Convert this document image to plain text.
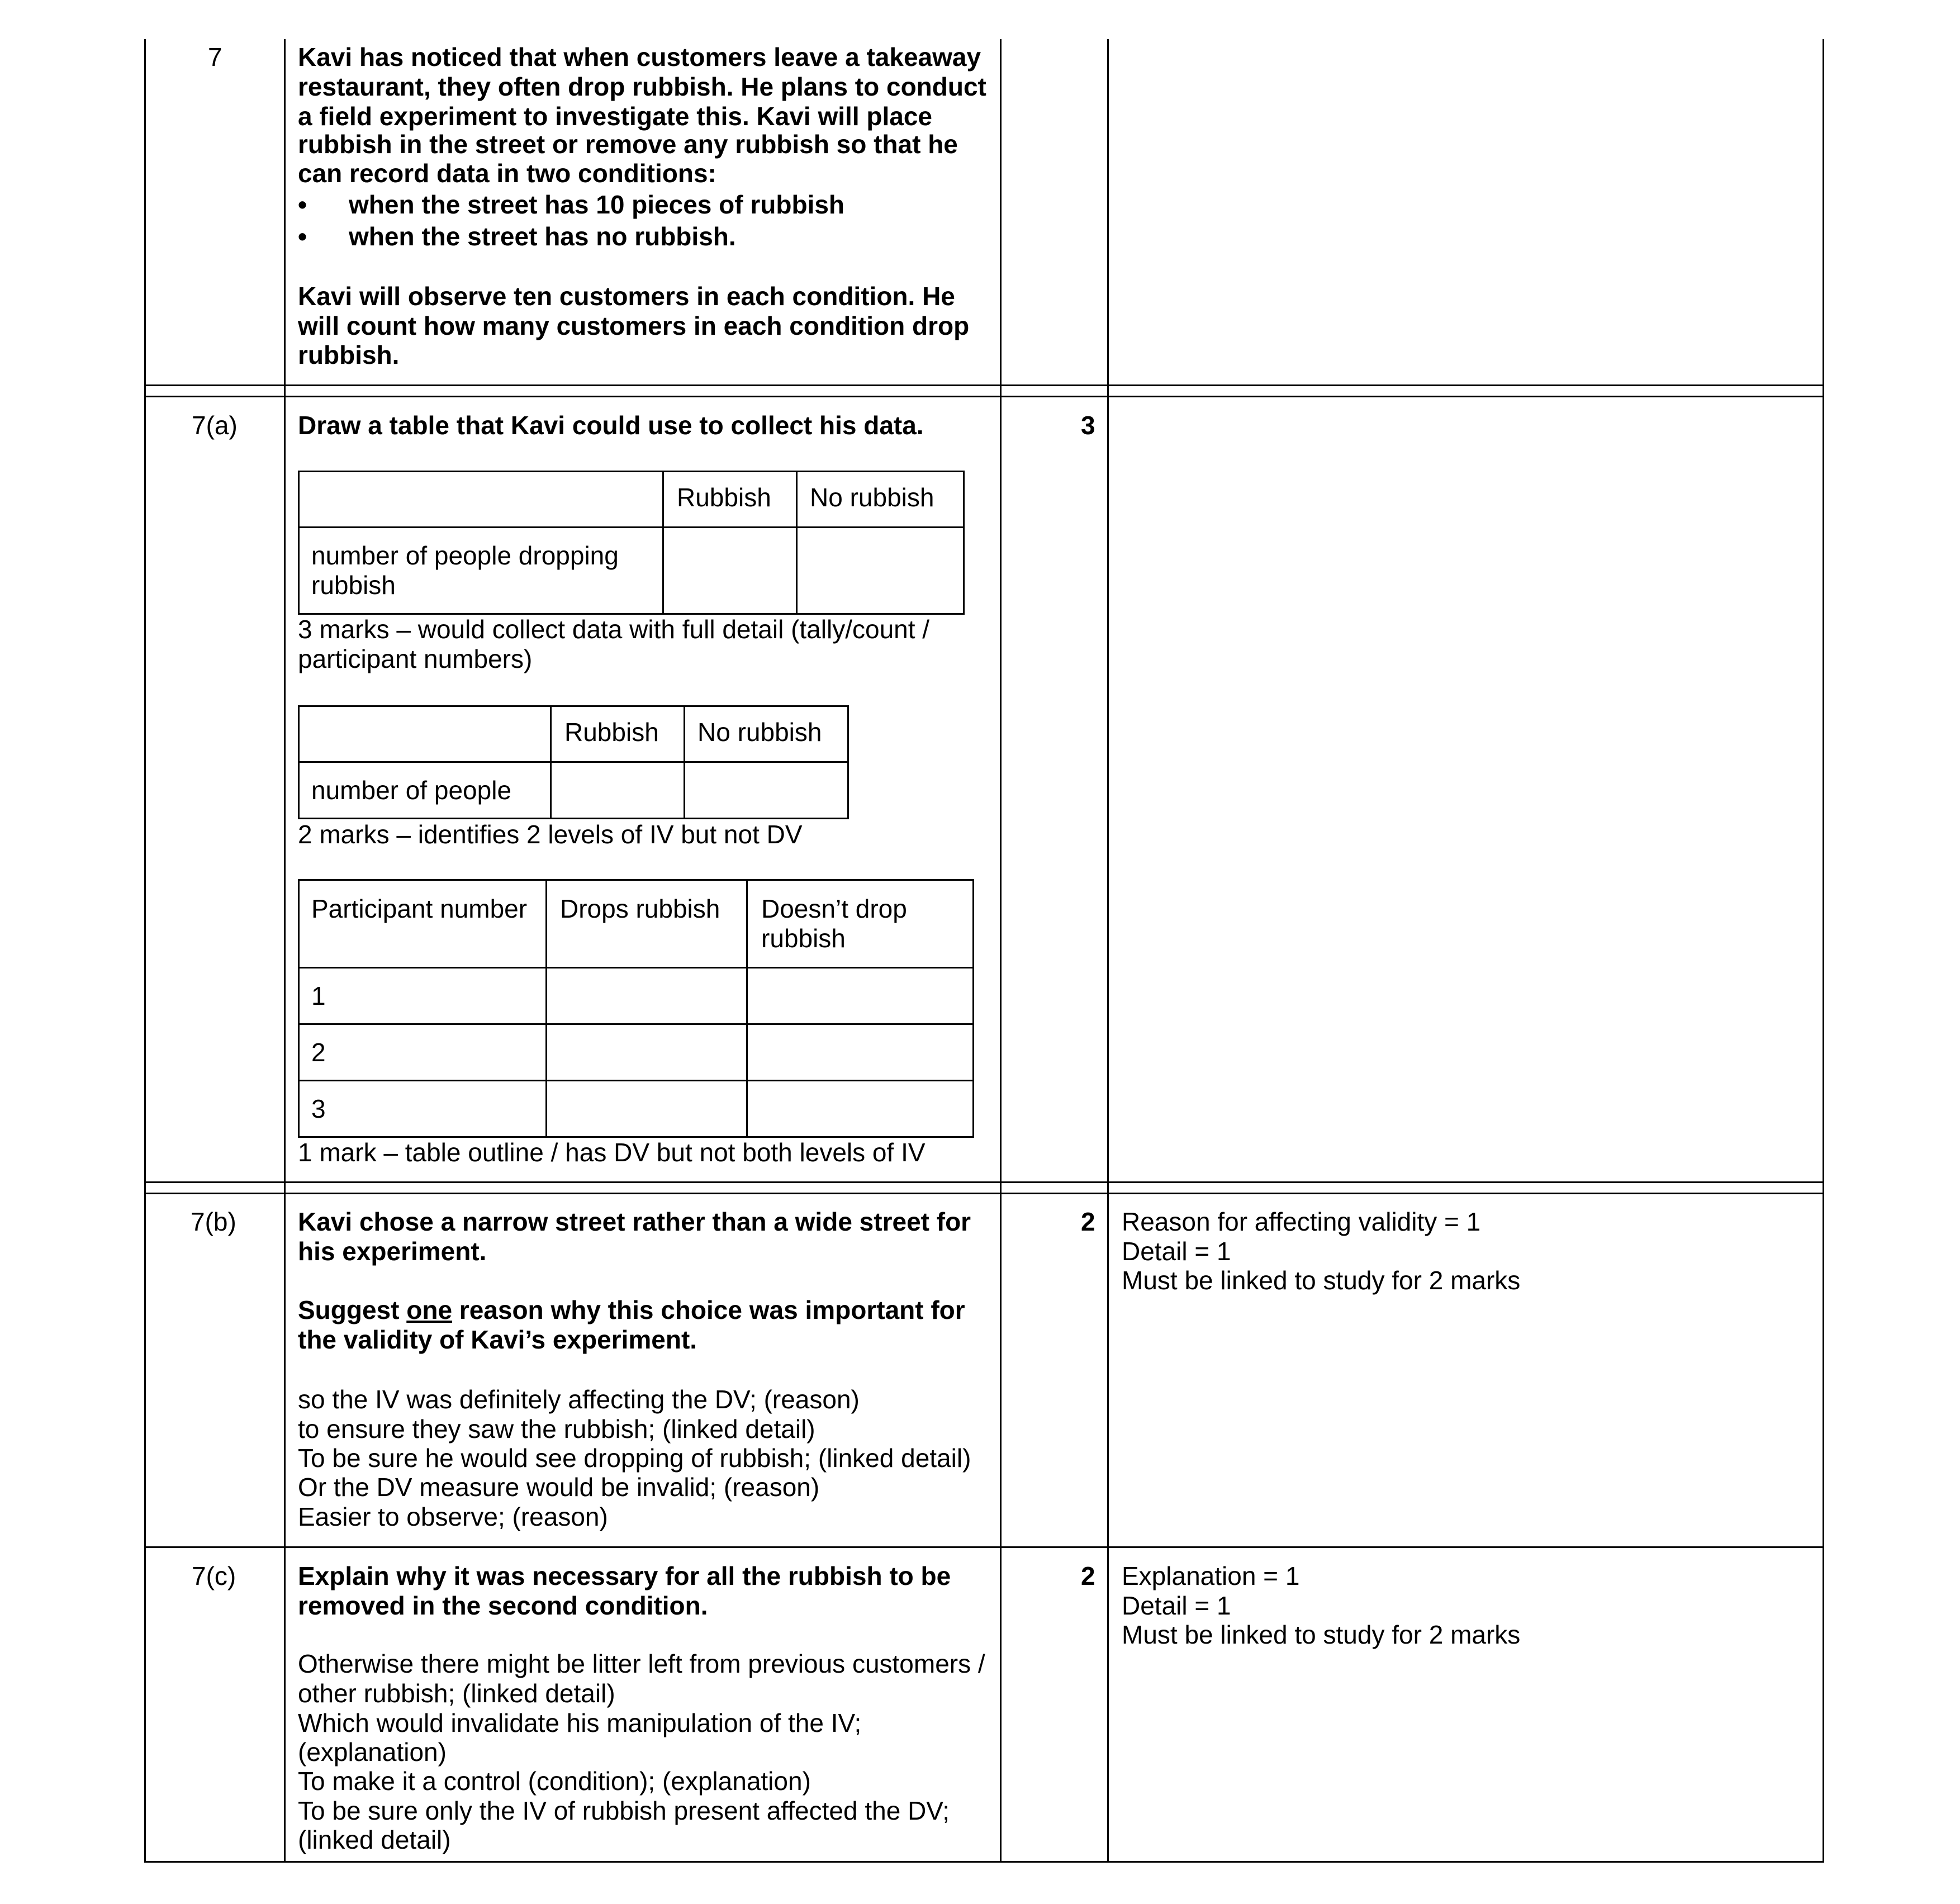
7	Kavi has noticed that when customers leave a takeaway
restaurant, they often drop rubbish. He plans to conduct
a field experiment to investigate this. Kavi will place
rubbish in the street or remove any rubbish so that he
can record data in two conditions:
• when the street has 10 pieces of rubbish
• when the street has no rubbish.
Kavi will observe ten customers in each condition. He
will count how many customers in each condition drop
rubbish.
7(a) Draw a table that Kavi could use to collect his data.	3
Rubbish No rubbish
number of people dropping
rubbish
3 marks – would collect data with full detail (tally/count /
participant numbers)
Rubbish No rubbish
number of people
2 marks – identifies 2 levels of IV but not DV
Participant number Drops rubbish Doesn’t drop
rubbish
1
2
3
1 mark – table outline / has DV but not both levels of IV
7(b) Kavi chose a narrow street rather than a wide street for
his experiment.
Suggest one reason why this choice was important for
the validity of Kavi’s experiment.
so the IV was definitely affecting the DV; (reason)
to ensure they saw the rubbish; (linked detail)
To be sure he would see dropping of rubbish; (linked detail)
Or the DV measure would be invalid; (reason)
Easier to observe; (reason)
2 Reason for affecting validity = 1
Detail = 1
Must be linked to study for 2 marks
7(c) Explain why it was necessary for all the rubbish to be
removed in the second condition.
Otherwise there might be litter left from previous customers /
other rubbish; (linked detail)
Which would invalidate his manipulation of the IV;
(explanation)
To make it a control (condition); (explanation)
To be sure only the IV of rubbish present affected the DV;
(linked detail)
2 Explanation = 1
Detail = 1
Must be linked to study for 2 marks
